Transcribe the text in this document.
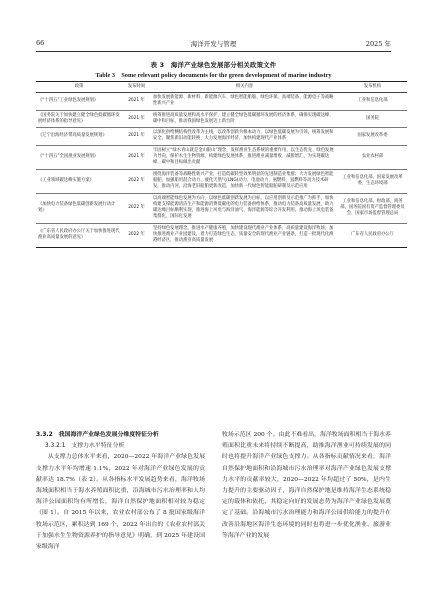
66	海洋开发与管理	2025 年
表 3　海洋产业绿色发展部分相关政策文件
Table 3　Some relevant policy documents for the green development of marine industry
政策	发布时间	相关内容	发布机构
《“十四五”工业绿色发展规划》	2021 年	加快发展新能源、新材料、新能源汽车、绿色智能船舶、绿色环保、高端装备、能源电子等战略性新兴产业	工业和信息化部
《国务院关于加快建立健全绿色低碳循环发展经济体系的指导意见》	2021 年	统筹推进高质量发展和高水平保护，建立健全绿色低碳循环发展的经济体系，确保实现碳达峰、碳中和目标，推动我国绿色发展迈上新台阶	国务院
《辽宁沿海经济带高质量发展规划》	2021 年	以深化供给侧结构性改革为主线，以改革创新为根本动力，以绿色低碳发展为引领，统筹发展和安全，聚焦新旧动能转换、大力发展海洋经济，加快构建现代产业体系	国家发展改革委
《“十四五”全国渔业发展规划》	2021 年	牢固树立“绿水青山就是金山银山”理念，发挥渔业生态系统的重要作用，以生态优先、绿色发展为导向，保护水生生物资源，构建绿色发展体系，推进渔业减量增收、减排增汇，为实现碳达峰、碳中和目标做出贡献	农业农村部
《工业领域碳达峰实施方案》	2022 年	围绕海洋装备等战略性新兴产业，打造低碳转型效果明显的先进制造业集群；大力发展绿色智能船舶，加强船用混合动力、液化天然气(LNG)动力、电池动力、氨燃料、氢燃料等动力技术研发，推动内河、沿海老旧船舶更新改造，加快新一代绿色智能船舶研制及示范应用	工业和信息化部、国家发展改革委、生态环境部
《加快电力装备绿色低碳创新发展行动计划》	2022 年	以高端智能绿色发展为方向，以绿色低碳创新发展为目标，以应用创新及示范推广为抓手，加快构建支撑能源清洁生产和能源消费低碳化的电力装备供给体系，推动电力装备高质量发展，助力碳达峰目标顺利实现，推进海上风电与海洋油气、海洋能源等综合开发利用，推动海上风电装备集群化、国际化发展	工业和信息化部、财政部、商务部、国务院国有资产监督管理委员会、国家市场监督管理总局
《广东省人民政府办公厅关于加快推进现代渔业高质量发展的意见》	2022 年	坚持绿色发展理念，推进水产健康养殖，加快建设现代渔业产业体系，高质量建设海洋牧场，加快推进渔业产业园建设，着力打造绿色生态、质量安全的现代渔业产业链条，打造一批现代化渔港经济区，推动渔业高质量发展	广东省人民政府办公厅

3.3.2　我国海洋产业绿色发展分维度特征分析

3.3.2.1　支撑力水平特征分析

从支撑力总体水平来看，2020—2022 年海洋产业绿色发展支撑力水平年均增速 1.1%，2022 年对海洋产业绿色发展的贡献率达 18.7%（表 2）。从各指标水平发展趋势来看，海洋牧场海域面积相当于海水养殖面积比重，沿海城市污水治理率和人均海洋公园面积均有所增长，海洋自然保护地面积相对较为稳定（图 1）。自 2015 年以来，农业农村部公布了 8 批国家级海洋牧场示范区，累积达到 169 个，2022 年出台的《农业农村部关于加强水生生物资源养护的指导意见》明确，到 2025 年建设国家级海洋

牧场示范区 200 个。由此不难看出，海洋牧场面积相当于海水养殖面积比重未来将持续不断提高，助推海洋渔业可持续发展的同时也将提升海洋产业绿色支撑力。从各指标贡献情况来看，海洋自然保护地面积和沿海城市污水治理率对海洋产业绿色发展支撑力水平的贡献率较大，2020—2022 年均超过了 50%，是内生力提升的主要驱动因子，海洋自然保护地是维持海洋生态系统稳定的载体和依托，其稳定向好的发展态势为海洋产业绿色发展奠定了基础。沿海城市污水治理能力和海洋公园供给能力的提升在改善沿海地区海洋生态环境的同时也将进一步优化渔业、旅游业等海洋产业的发展
